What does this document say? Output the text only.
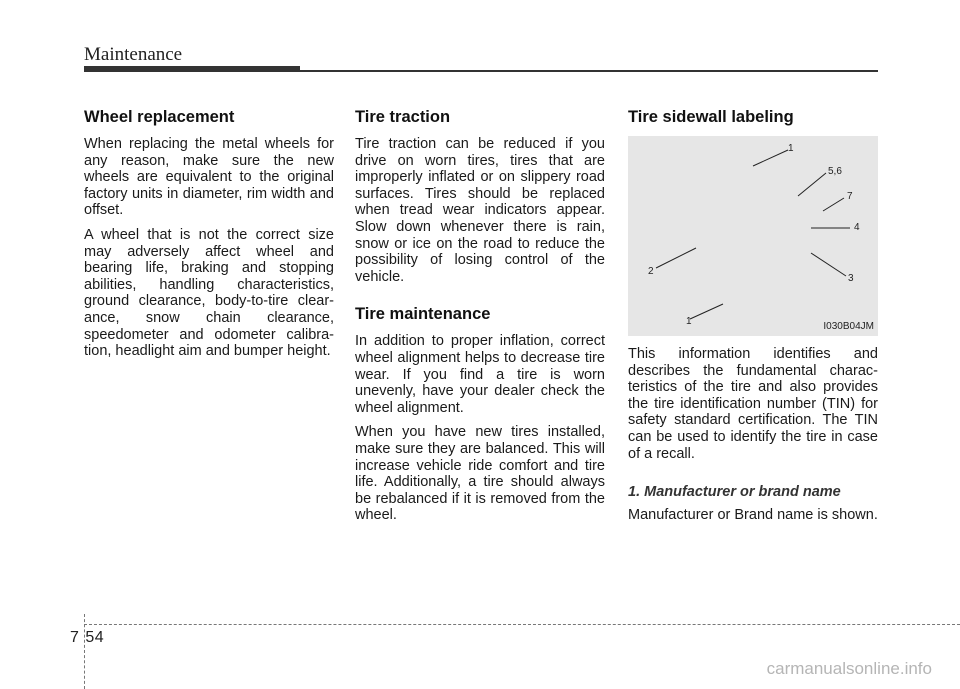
Maintenance
Wheel replacement

When replacing the metal wheels for any reason, make sure the new wheels are equivalent to the original factory units in diameter, rim width and offset.

A wheel that is not the correct size may adversely affect wheel and bearing life, braking and stopping abilities, handling characteristics, ground clearance, body-to-tire clearance, snow chain clearance, speedometer and odometer calibration, headlight aim and bumper height.

Tire traction

Tire traction can be reduced if you drive on worn tires, tires that are improperly inflated or on slippery road surfaces. Tires should be replaced when tread wear indicators appear. Slow down whenever there is rain, snow or ice on the road to reduce the possibility of losing control of the vehicle.

Tire maintenance

In addition to proper inflation, correct wheel alignment helps to decrease tire wear. If you find a tire is worn unevenly, have your dealer check the wheel alignment.

When you have new tires installed, make sure they are balanced. This will increase vehicle ride comfort and tire life. Additionally, a tire should always be rebalanced if it is removed from the wheel.

Tire sidewall labeling
1
5,6
7
4
3
2
1	I030B04JM

This information identifies and describes the fundamental characteristics of the tire and also provides the tire identification number (TIN) for safety standard certification. The TIN can be used to identify the tire in case of a recall.

1. Manufacturer or brand name

Manufacturer or Brand name is shown.

7 54
carmanualsonline.info
